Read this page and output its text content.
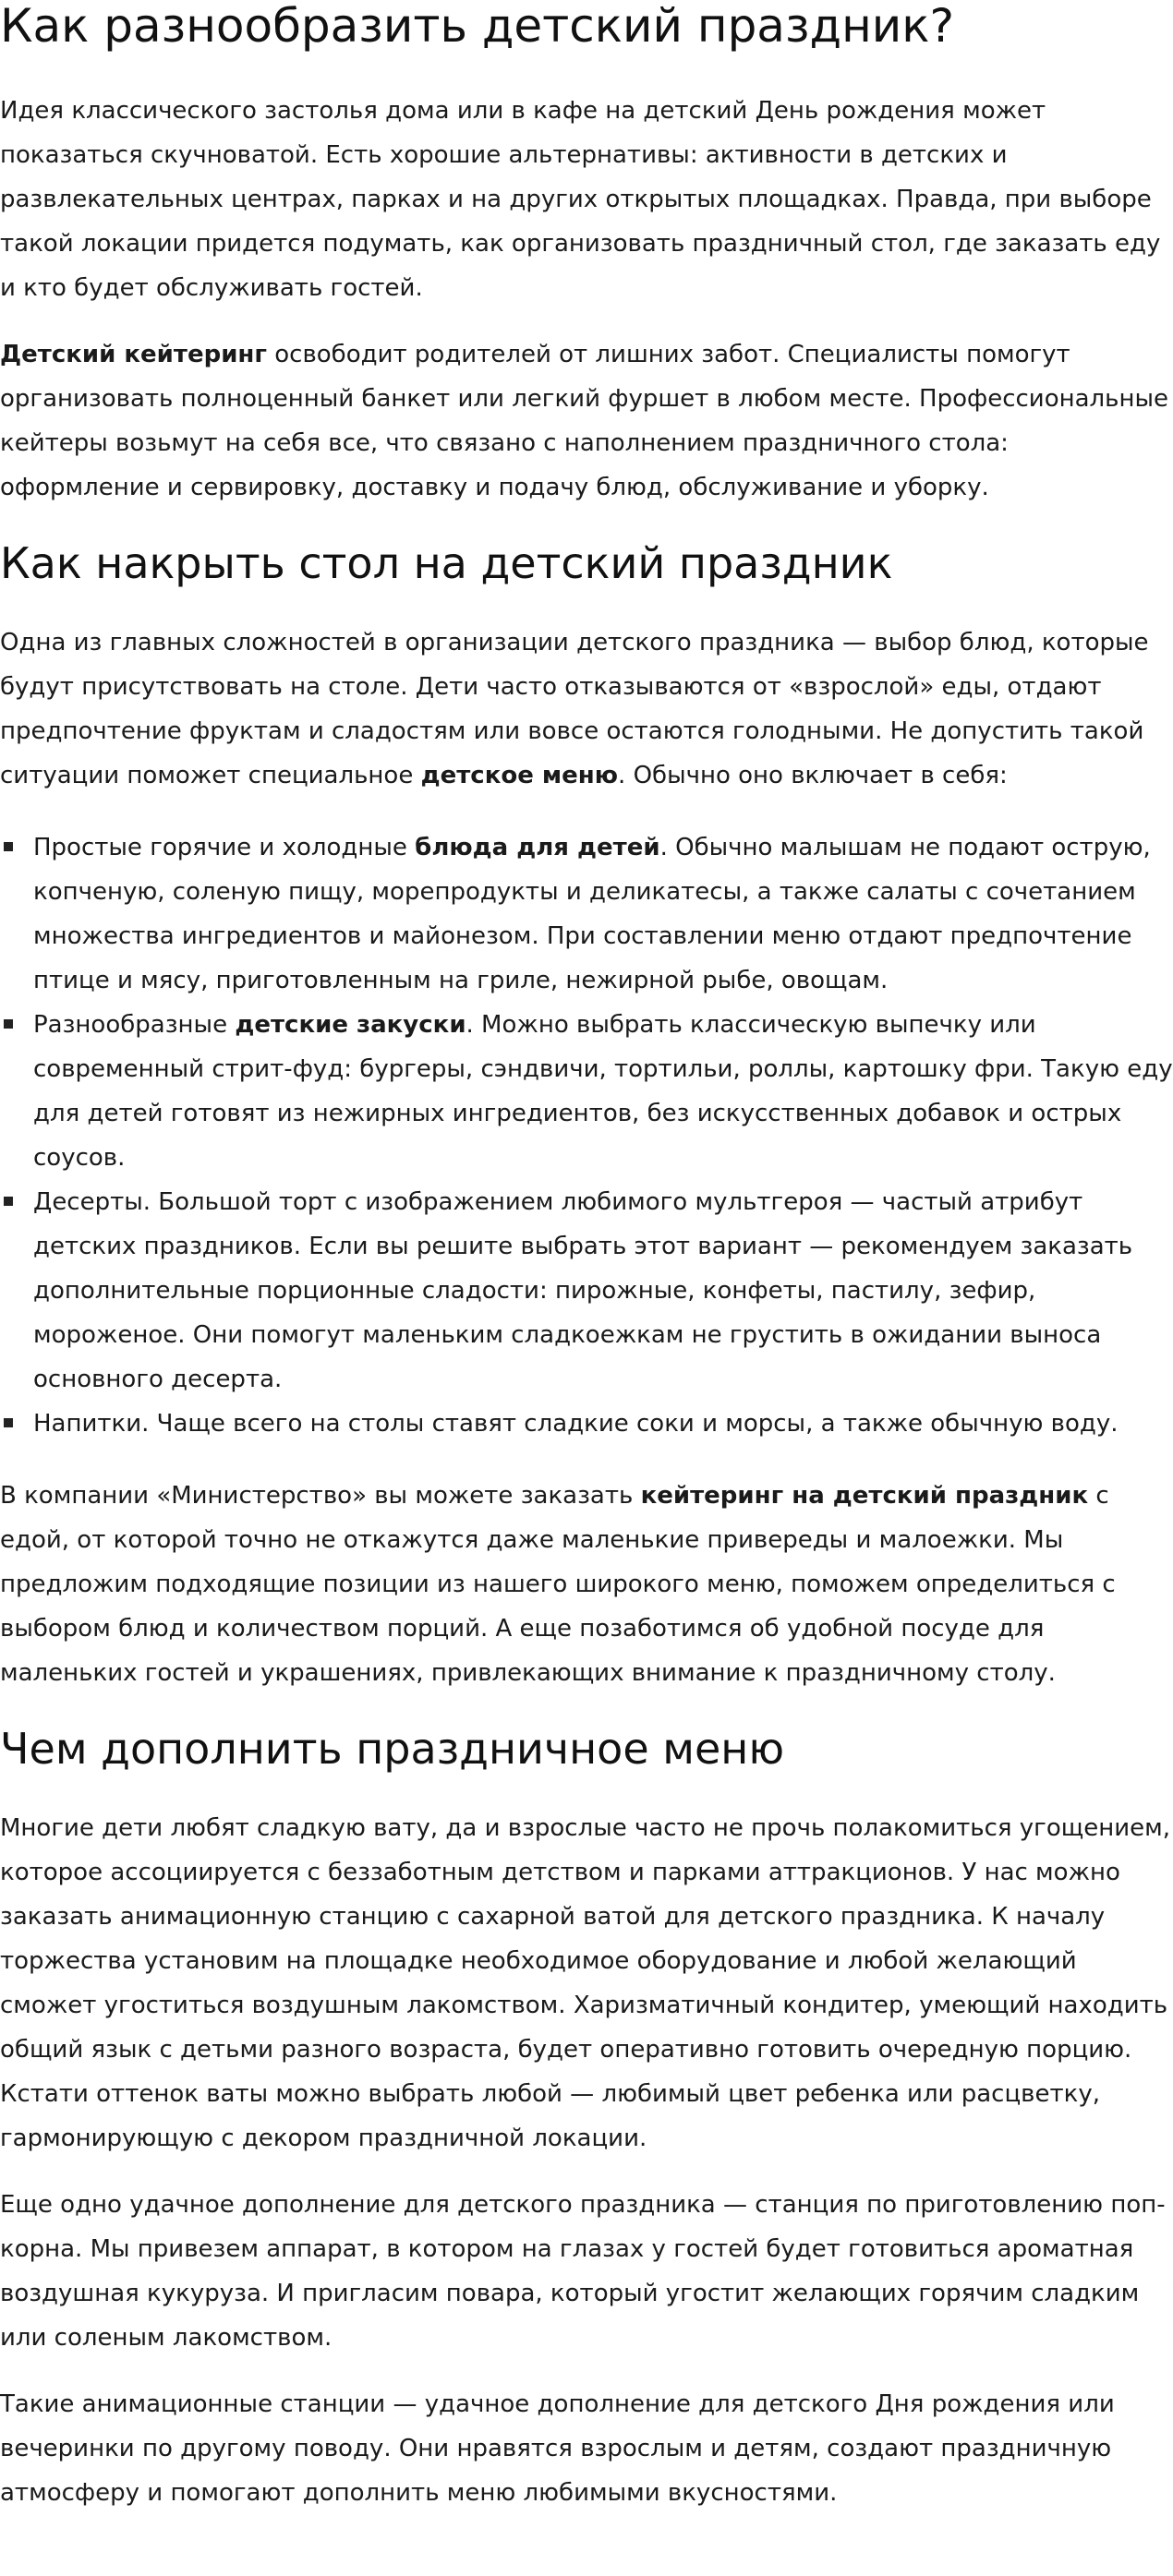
Как разнообразить детский праздник?

Идея классического застолья дома или в кафе на детский День рождения может показаться скучноватой. Есть хорошие альтернативы: активности в детских и развлекательных центрах, парках и на других открытых площадках. Правда, при выборе такой локации придется подумать, как организовать праздничный стол, где заказать еду и кто будет обслуживать гостей.

Детский кейтеринг освободит родителей от лишних забот. Специалисты помогут организовать полноценный банкет или легкий фуршет в любом месте. Профессиональные кейтеры возьмут на себя все, что связано с наполнением праздничного стола: оформление и сервировку, доставку и подачу блюд, обслуживание и уборку.

Как накрыть стол на детский праздник

Одна из главных сложностей в организации детского праздника — выбор блюд, которые будут присутствовать на столе. Дети часто отказываются от «взрослой» еды, отдают предпочтение фруктам и сладостям или вовсе остаются голодными. Не допустить такой ситуации поможет специальное детское меню. Обычно оно включает в себя:

Простые горячие и холодные блюда для детей. Обычно малышам не подают острую, копченую, соленую пищу, морепродукты и деликатесы, а также салаты с сочетанием множества ингредиентов и майонезом. При составлении меню отдают предпочтение птице и мясу, приготовленным на гриле, нежирной рыбе, овощам.
Разнообразные детские закуски. Можно выбрать классическую выпечку или современный стрит-фуд: бургеры, сэндвичи, тортильи, роллы, картошку фри. Такую еду для детей готовят из нежирных ингредиентов, без искусственных добавок и острых соусов.
Десерты. Большой торт с изображением любимого мультгероя — частый атрибут детских праздников. Если вы решите выбрать этот вариант — рекомендуем заказать дополнительные порционные сладости: пирожные, конфеты, пастилу, зефир, мороженое. Они помогут маленьким сладкоежкам не грустить в ожидании выноса основного десерта.
Напитки. Чаще всего на столы ставят сладкие соки и морсы, а также обычную воду.

В компании «Министерство» вы можете заказать кейтеринг на детский праздник с едой, от которой точно не откажутся даже маленькие привереды и малоежки. Мы предложим подходящие позиции из нашего широкого меню, поможем определиться с выбором блюд и количеством порций. А еще позаботимся об удобной посуде для маленьких гостей и украшениях, привлекающих внимание к праздничному столу.

Чем дополнить праздничное меню

Многие дети любят сладкую вату, да и взрослые часто не прочь полакомиться угощением, которое ассоциируется с беззаботным детством и парками аттракционов. У нас можно заказать анимационную станцию с сахарной ватой для детского праздника. К началу торжества установим на площадке необходимое оборудование и любой желающий сможет угоститься воздушным лакомством. Харизматичный кондитер, умеющий находить общий язык с детьми разного возраста, будет оперативно готовить очередную порцию. Кстати оттенок ваты можно выбрать любой — любимый цвет ребенка или расцветку, гармонирующую с декором праздничной локации.

Еще одно удачное дополнение для детского праздника — станция по приготовлению поп-корна. Мы привезем аппарат, в котором на глазах у гостей будет готовиться ароматная воздушная кукуруза. И пригласим повара, который угостит желающих горячим сладким или соленым лакомством.

Такие анимационные станции — удачное дополнение для детского Дня рождения или вечеринки по другому поводу. Они нравятся взрослым и детям, создают праздничную атмосферу и помогают дополнить меню любимыми вкусностями.
